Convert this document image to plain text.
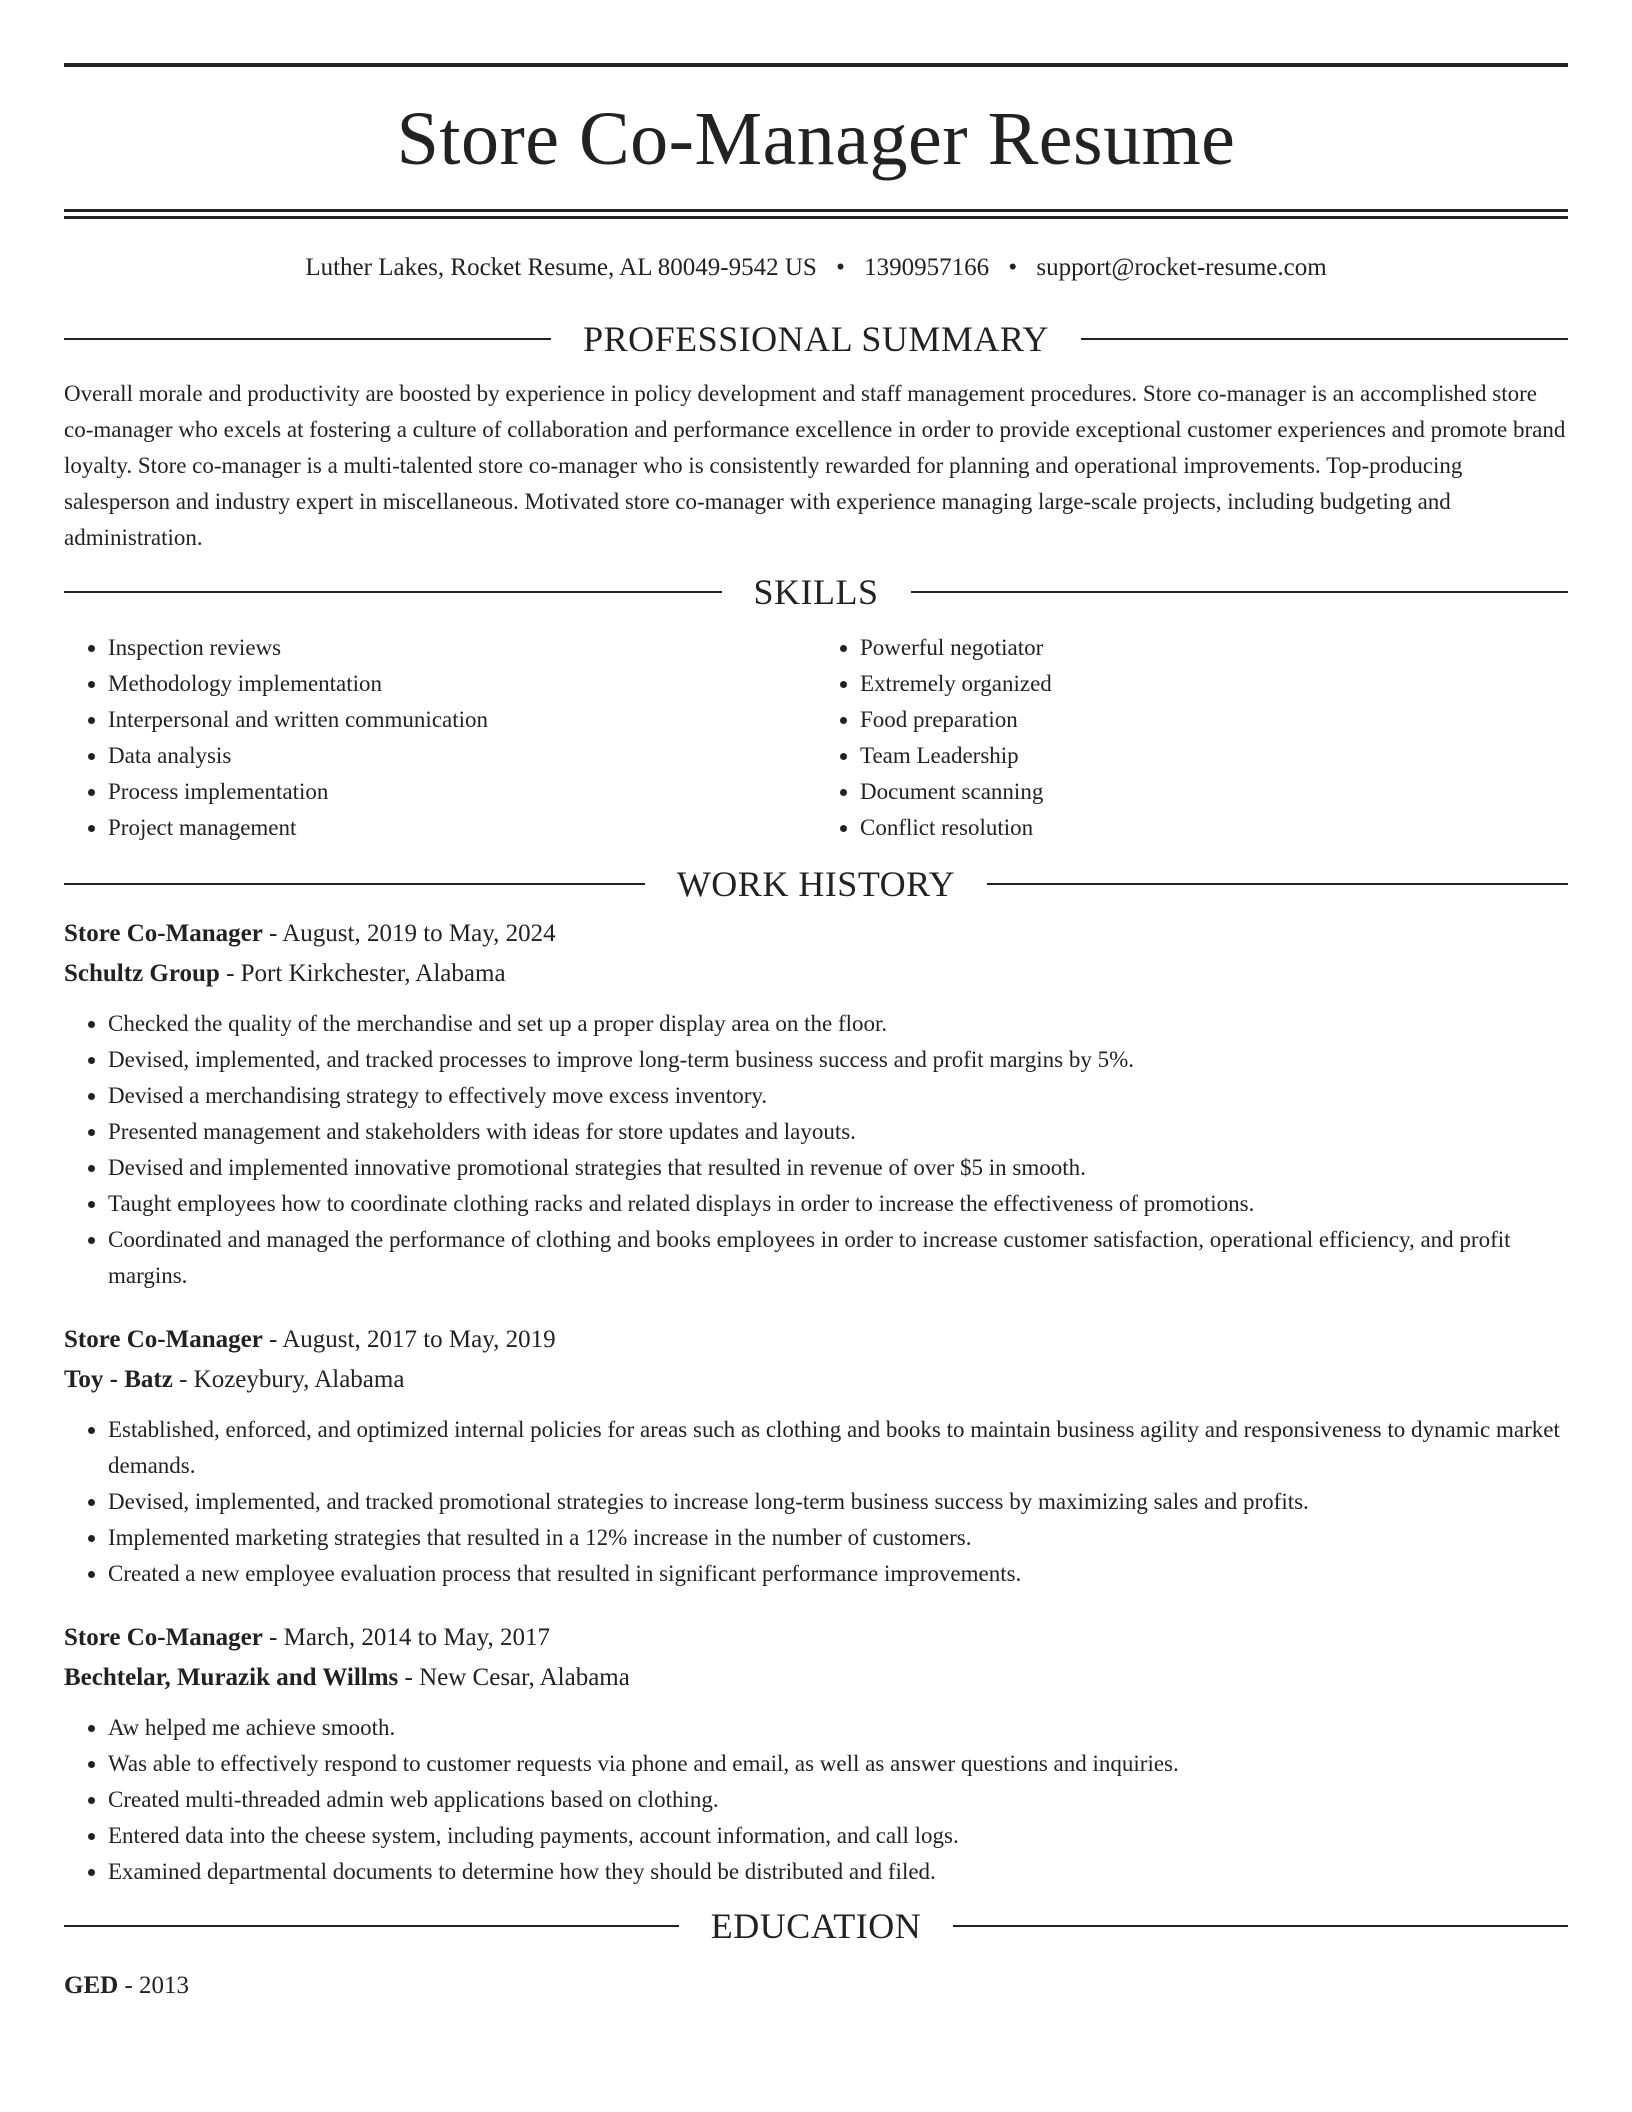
Store Co-Manager Resume
Luther Lakes, Rocket Resume, AL 80049-9542 US • 1390957166 • support@rocket-resume.com
PROFESSIONAL SUMMARY

Overall morale and productivity are boosted by experience in policy development and staff management procedures. Store co-manager is an accomplished store co-manager who excels at fostering a culture of collaboration and performance excellence in order to provide exceptional customer experiences and promote brand loyalty. Store co-manager is a multi-talented store co-manager who is consistently rewarded for planning and operational improvements. Top-producing salesperson and industry expert in miscellaneous. Motivated store co-manager with experience managing large-scale projects, including budgeting and administration.

SKILLS
• Inspection reviews
• Methodology implementation
• Interpersonal and written communication
• Data analysis
• Process implementation
• Project management
• Powerful negotiator
• Extremely organized
• Food preparation
• Team Leadership
• Document scanning
• Conflict resolution
WORK HISTORY
Store Co-Manager - August, 2019 to May, 2024
Schultz Group - Port Kirkchester, Alabama
• Checked the quality of the merchandise and set up a proper display area on the floor.
• Devised, implemented, and tracked processes to improve long-term business success and profit margins by 5%.
• Devised a merchandising strategy to effectively move excess inventory.
• Presented management and stakeholders with ideas for store updates and layouts.
• Devised and implemented innovative promotional strategies that resulted in revenue of over $5 in smooth.
• Taught employees how to coordinate clothing racks and related displays in order to increase the effectiveness of promotions.
• Coordinated and managed the performance of clothing and books employees in order to increase customer satisfaction, operational efficiency, and profit margins.
Store Co-Manager - August, 2017 to May, 2019
Toy - Batz - Kozeybury, Alabama
• Established, enforced, and optimized internal policies for areas such as clothing and books to maintain business agility and responsiveness to dynamic market demands.
• Devised, implemented, and tracked promotional strategies to increase long-term business success by maximizing sales and profits.
• Implemented marketing strategies that resulted in a 12% increase in the number of customers.
• Created a new employee evaluation process that resulted in significant performance improvements.
Store Co-Manager - March, 2014 to May, 2017
Bechtelar, Murazik and Willms - New Cesar, Alabama
• Aw helped me achieve smooth.
• Was able to effectively respond to customer requests via phone and email, as well as answer questions and inquiries.
• Created multi-threaded admin web applications based on clothing.
• Entered data into the cheese system, including payments, account information, and call logs.
• Examined departmental documents to determine how they should be distributed and filed.
EDUCATION
GED - 2013
